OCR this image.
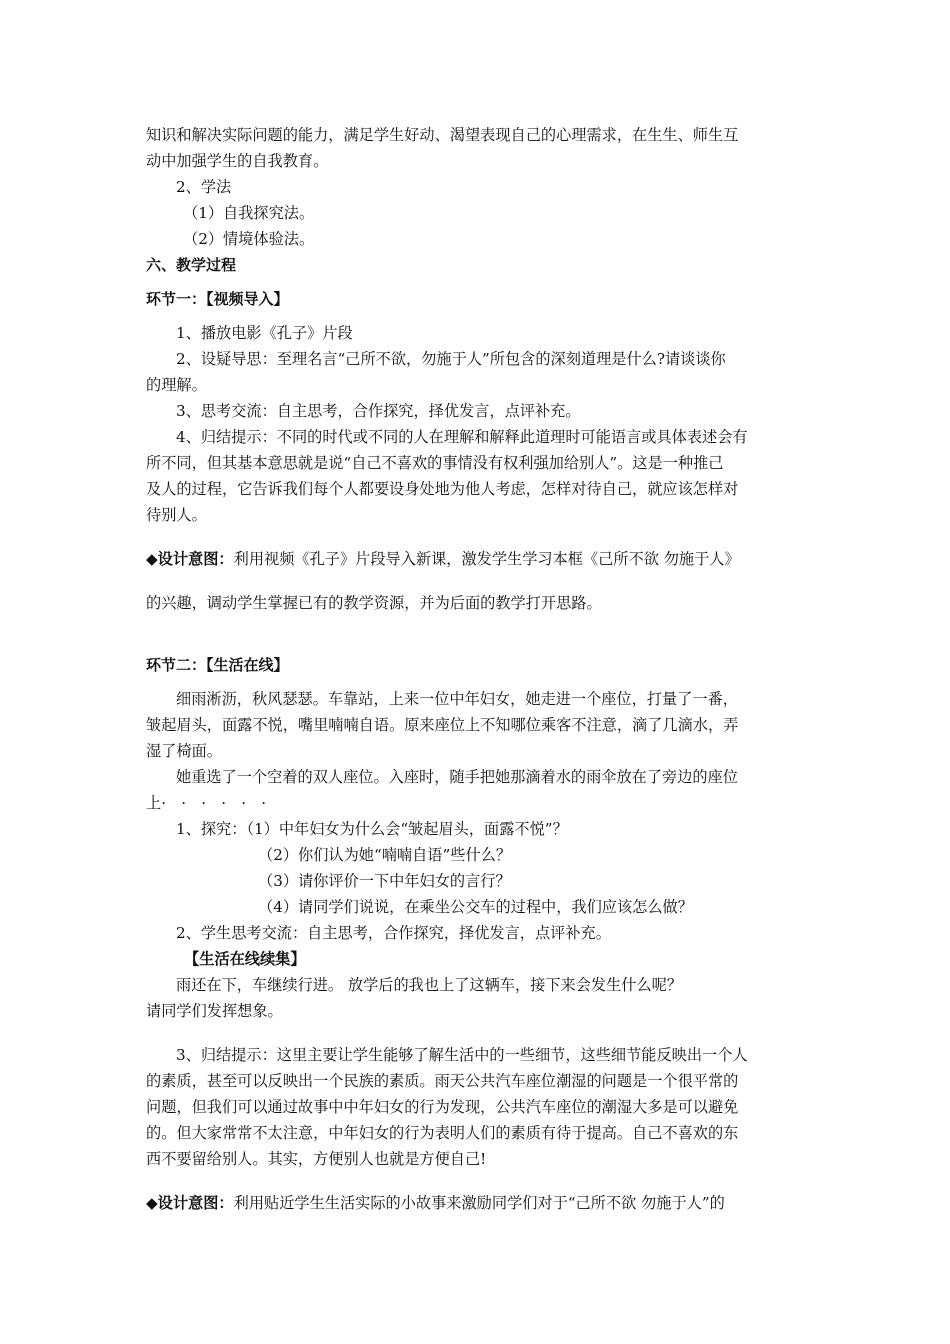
知识和解决实际问题的能力，满足学生好动、渴望表现自己的心理需求，在生生、师生互

动中加强学生的自我教育。

2、学法

（1）自我探究法。

（2）情境体验法。

六、教学过程

环节一：【视频导入】

1、播放电影《孔子》片段

2、设疑导思：至理名言“己所不欲，勿施于人”所包含的深刻道理是什么?请谈谈你

的理解。

3、思考交流：自主思考，合作探究，择优发言，点评补充。

4、归结提示：不同的时代或不同的人在理解和解释此道理时可能语言或具体表述会有

所不同，但其基本意思就是说“自己不喜欢的事情没有权利强加给别人”。这是一种推己

及人的过程，它告诉我们每个人都要设身处地为他人考虑，怎样对待自己，就应该怎样对

待别人。

◆设计意图：利用视频《孔子》片段导入新课，激发学生学习本框《己所不欲 勿施于人》

的兴趣，调动学生掌握已有的教学资源，并为后面的教学打开思路。

环节二：【生活在线】

细雨淅沥，秋风瑟瑟。车靠站，上来一位中年妇女，她走进一个座位，打量了一番，

皱起眉头，面露不悦，嘴里喃喃自语。原来座位上不知哪位乘客不注意，滴了几滴水，弄

湿了椅面。

她重选了一个空着的双人座位。入座时，随手把她那滴着水的雨伞放在了旁边的座位

上·　·　·　·　·　·

1、探究：（1）中年妇女为什么会“皱起眉头，面露不悦”？

（2）你们认为她“喃喃自语”些什么？

（3）请你评价一下中年妇女的言行？

（4）请同学们说说，在乘坐公交车的过程中，我们应该怎么做？

2、学生思考交流：自主思考，合作探究，择优发言，点评补充。

【生活在线续集】

雨还在下，车继续行进。 放学后的我也上了这辆车，接下来会发生什么呢？

请同学们发挥想象。

3、归结提示：这里主要让学生能够了解生活中的一些细节，这些细节能反映出一个人

的素质，甚至可以反映出一个民族的素质。雨天公共汽车座位潮湿的问题是一个很平常的

问题，但我们可以通过故事中中年妇女的行为发现，公共汽车座位的潮湿大多是可以避免

的。但大家常常不太注意，中年妇女的行为表明人们的素质有待于提高。自己不喜欢的东

西不要留给别人。其实，方便别人也就是方便自己!

◆设计意图：利用贴近学生生活实际的小故事来激励同学们对于“己所不欲 勿施于人”的
